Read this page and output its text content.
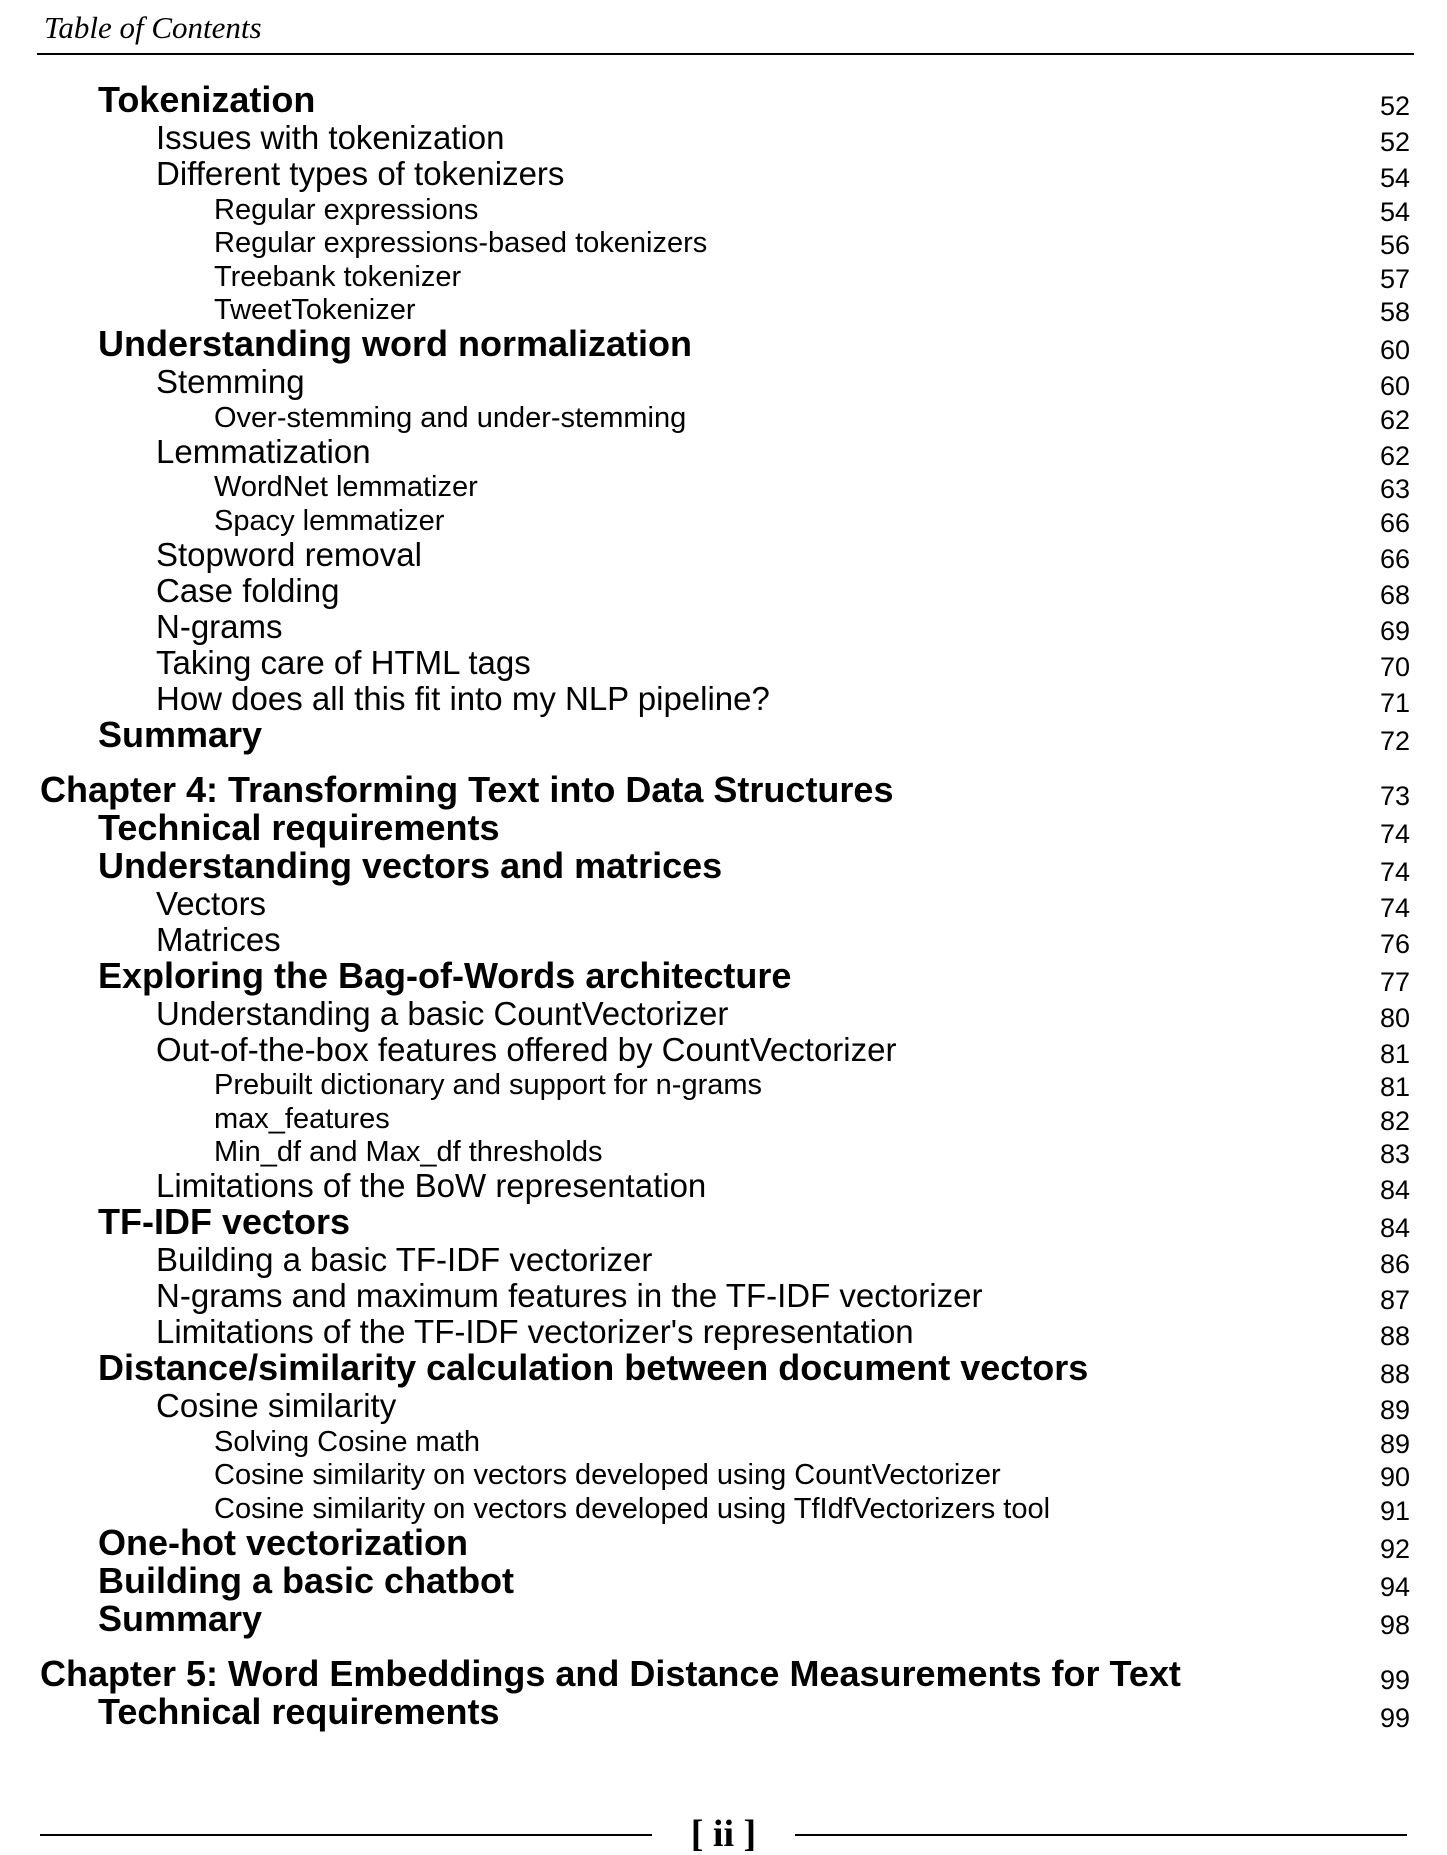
Table of Contents
Tokenization	52
Issues with tokenization	52
Different types of tokenizers	54
Regular expressions	54
Regular expressions-based tokenizers	56
Treebank tokenizer	57
TweetTokenizer	58
Understanding word normalization	60
Stemming	60
Over-stemming and under-stemming	62
Lemmatization	62
WordNet lemmatizer	63
Spacy lemmatizer	66
Stopword removal	66
Case folding	68
N-grams	69
Taking care of HTML tags	70
How does all this fit into my NLP pipeline?	71
Summary	72
Chapter 4: Transforming Text into Data Structures	73
Technical requirements	74
Understanding vectors and matrices	74
Vectors	74
Matrices	76
Exploring the Bag-of-Words architecture	77
Understanding a basic CountVectorizer	80
Out-of-the-box features offered by CountVectorizer	81
Prebuilt dictionary and support for n-grams	81
max_features	82
Min_df and Max_df thresholds	83
Limitations of the BoW representation	84
TF-IDF vectors	84
Building a basic TF-IDF vectorizer	86
N-grams and maximum features in the TF-IDF vectorizer	87
Limitations of the TF-IDF vectorizer's representation	88
Distance/similarity calculation between document vectors	88
Cosine similarity	89
Solving Cosine math	89
Cosine similarity on vectors developed using CountVectorizer	90
Cosine similarity on vectors developed using TfIdfVectorizers tool	91
One-hot vectorization	92
Building a basic chatbot	94
Summary	98
Chapter 5: Word Embeddings and Distance Measurements for Text	99
Technical requirements	99
[ ii ]
